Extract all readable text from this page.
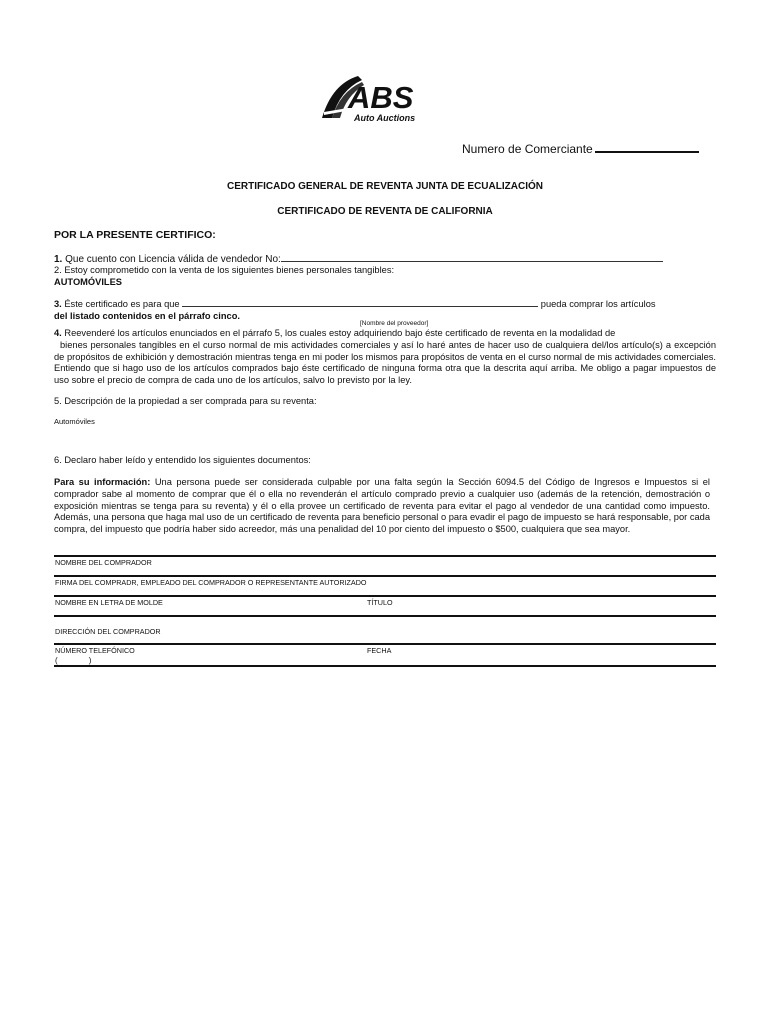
ABS
Auto Auctions
Numero de Comerciante
CERTIFICADO GENERAL DE REVENTA JUNTA DE ECUALIZACIÓN
CERTIFICADO DE REVENTA DE CALIFORNIA
POR LA PRESENTE CERTIFICO:
1. Que cuento con Licencia válida de vendedor No:
2. Estoy comprometido con la venta de los siguientes bienes personales tangibles:
AUTOMÓVILES
3. Éste certificado es para que	pueda comprar los artículos
del listado contenidos en el párrafo cinco.
[Nombre del proveedor]
4. Reevenderé los artículos enunciados en el párrafo 5, los cuales estoy adquiriendo bajo éste certificado de reventa en la modalidad de
bienes personales tangibles en el curso normal de mis actividades comerciales y así lo haré antes de hacer uso de cualquiera del/los artículo(s) a excepción de propósitos de exhibición y demostración mientras tenga en mi poder los mismos para propósitos de venta en el curso normal de mis actividades comerciales. Entiendo que si hago uso de los artículos comprados bajo éste certificado de ninguna forma otra que la descrita aquí arriba. Me obligo a pagar impuestos de uso sobre el precio de compra de cada uno de los artículos, salvo lo previsto por la ley.
5. Descripción de la propiedad a ser comprada para su reventa:
Automóviles
6. Declaro haber leído y entendido los siguientes documentos:
Para su información: Una persona puede ser considerada culpable por una falta según la Sección 6094.5 del Código de Ingresos e Impuestos si el comprador sabe al momento de comprar que él o ella no revenderán el artículo comprado previo a cualquier uso (además de la retención, demostración o exposición mientras se tenga para su reventa) y él o ella provee un certificado de reventa para evitar el pago al vendedor de una cantidad como impuesto. Además, una persona que haga mal uso de un certificado de reventa para beneficio personal o para evadir el pago de impuesto se hará responsable, por cada compra, del impuesto que podría haber sido acreedor, más una penalidad del 10 por ciento del impuesto o $500, cualquiera que sea mayor.
NOMBRE DEL COMPRADOR
FIRMA DEL COMPRADR, EMPLEADO DEL COMPRADOR O REPRESENTANTE AUTORIZADO
NOMBRE EN LETRA DE MOLDE	TÍTULO
DIRECCIÓN DEL COMPRADOR
NÚMERO TELEFÓNICO
(              )
FECHA
